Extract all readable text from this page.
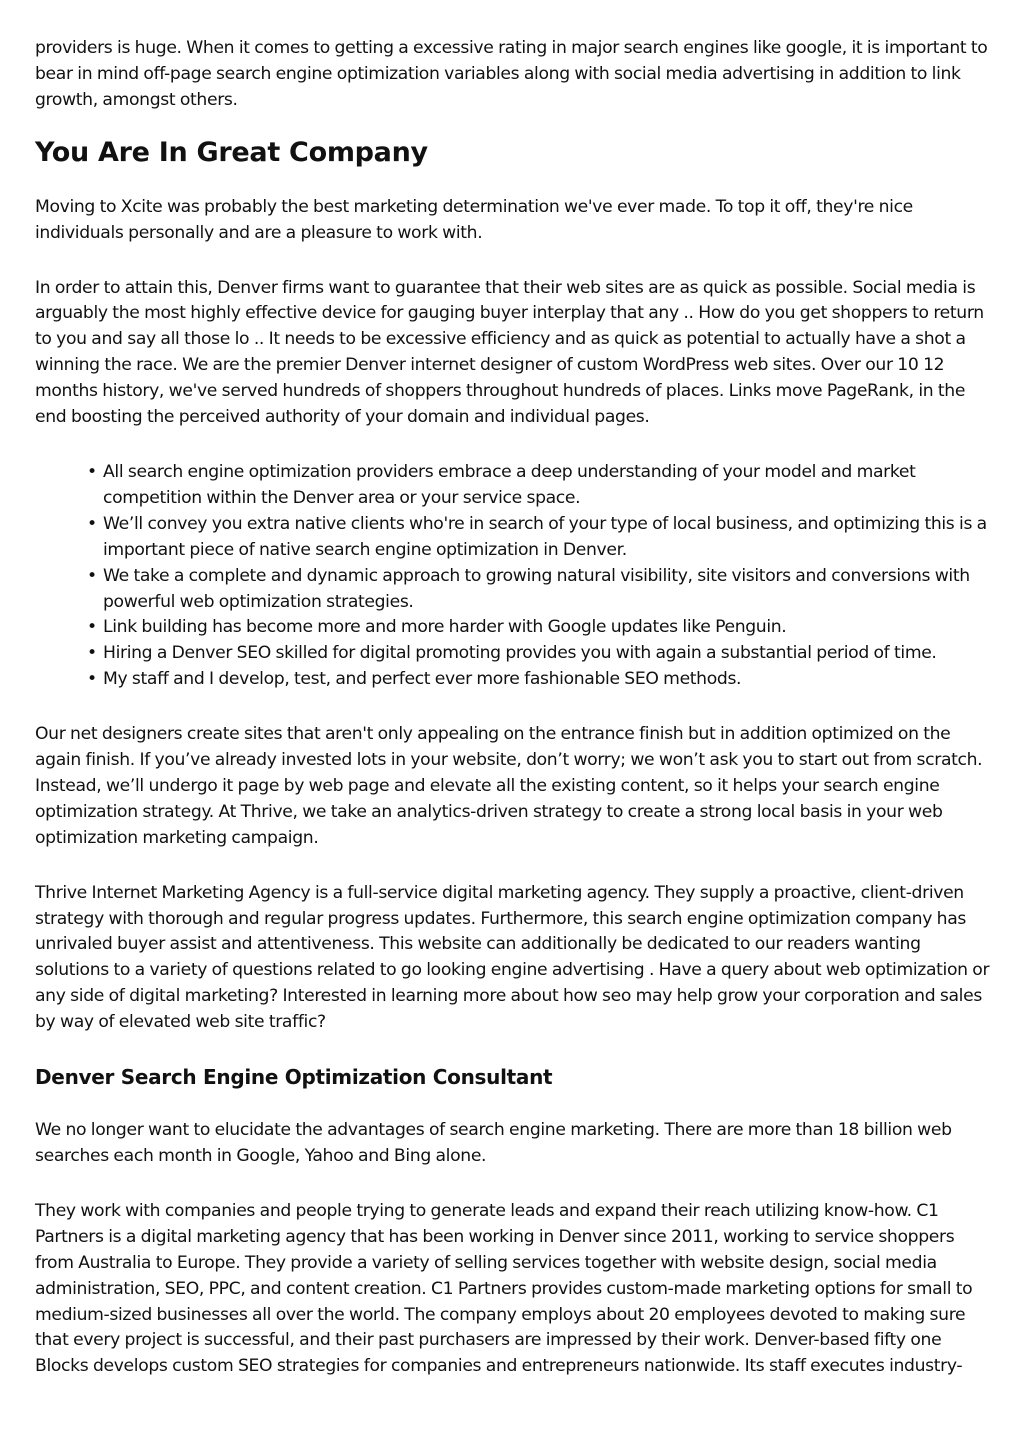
providers is huge. When it comes to getting a excessive rating in major search engines like google, it is important to bear in mind off-page search engine optimization variables along with social media advertising in addition to link growth, amongst others.

You Are In Great Company

Moving to Xcite was probably the best marketing determination we've ever made. To top it off, they're nice individuals personally and are a pleasure to work with.

In order to attain this, Denver firms want to guarantee that their web sites are as quick as possible. Social media is arguably the most highly effective device for gauging buyer interplay that any .. How do you get shoppers to return to you and say all those lo .. It needs to be excessive efficiency and as quick as potential to actually have a shot a winning the race. We are the premier Denver internet designer of custom WordPress web sites. Over our 10 12 months history, we've served hundreds of shoppers throughout hundreds of places. Links move PageRank, in the end boosting the perceived authority of your domain and individual pages.

• All search engine optimization providers embrace a deep understanding of your model and market competition within the Denver area or your service space.
• We’ll convey you extra native clients who're in search of your type of local business, and optimizing this is a important piece of native search engine optimization in Denver.
• We take a complete and dynamic approach to growing natural visibility, site visitors and conversions with powerful web optimization strategies.
• Link building has become more and more harder with Google updates like Penguin.
• Hiring a Denver SEO skilled for digital promoting provides you with again a substantial period of time.
• My staff and I develop, test, and perfect ever more fashionable SEO methods.

Our net designers create sites that aren't only appealing on the entrance finish but in addition optimized on the again finish. If you’ve already invested lots in your website, don’t worry; we won’t ask you to start out from scratch. Instead, we’ll undergo it page by web page and elevate all the existing content, so it helps your search engine optimization strategy. At Thrive, we take an analytics-driven strategy to create a strong local basis in your web optimization marketing campaign.

Thrive Internet Marketing Agency is a full-service digital marketing agency. They supply a proactive, client-driven strategy with thorough and regular progress updates. Furthermore, this search engine optimization company has unrivaled buyer assist and attentiveness. This website can additionally be dedicated to our readers wanting solutions to a variety of questions related to go looking engine advertising . Have a query about web optimization or any side of digital marketing? Interested in learning more about how seo may help grow your corporation and sales by way of elevated web site traffic?

Denver Search Engine Optimization Consultant

We no longer want to elucidate the advantages of search engine marketing. There are more than 18 billion web searches each month in Google, Yahoo and Bing alone.

They work with companies and people trying to generate leads and expand their reach utilizing know-how. C1 Partners is a digital marketing agency that has been working in Denver since 2011, working to service shoppers from Australia to Europe. They provide a variety of selling services together with website design, social media administration, SEO, PPC, and content creation. C1 Partners provides custom-made marketing options for small to medium-sized businesses all over the world. The company employs about 20 employees devoted to making sure that every project is successful, and their past purchasers are impressed by their work. Denver-based fifty one Blocks develops custom SEO strategies for companies and entrepreneurs nationwide. Its staff executes industry-
